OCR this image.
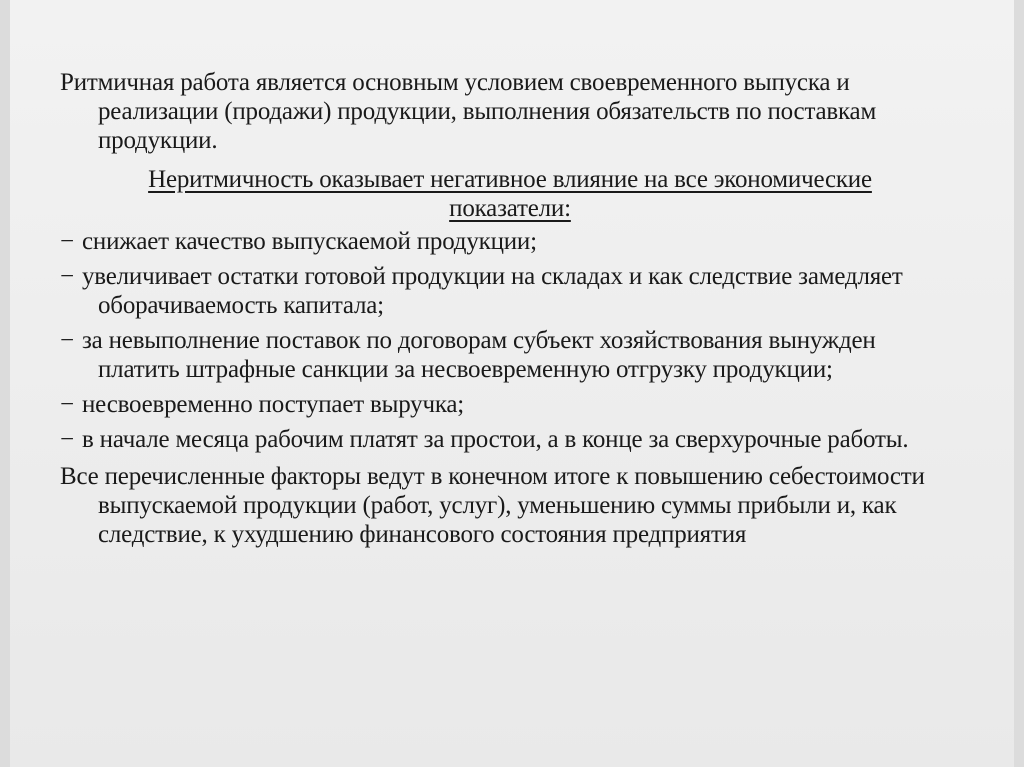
Ритмичная работа является основным условием своевременного выпуска и реализации (продажи) продукции, выполнения обязательств по поставкам продукции.

Неритмичность оказывает негативное влияние на все экономические показатели:

− снижает качество выпускаемой продукции;

− увеличивает остатки готовой продукции на складах и как следствие замедляет оборачиваемость капитала;

− за невыполнение поставок по договорам субъект хозяйствования вынужден платить штрафные санкции за несвоевременную отгрузку продукции;

− несвоевременно поступает выручка;

− в начале месяца рабочим платят за простои, а в конце за сверхурочные работы.

Все перечисленные факторы ведут в конечном итоге к повышению себестоимости выпускаемой продукции (работ, услуг), уменьшению суммы прибыли и, как следствие, к ухудшению финансового состояния предприятия
